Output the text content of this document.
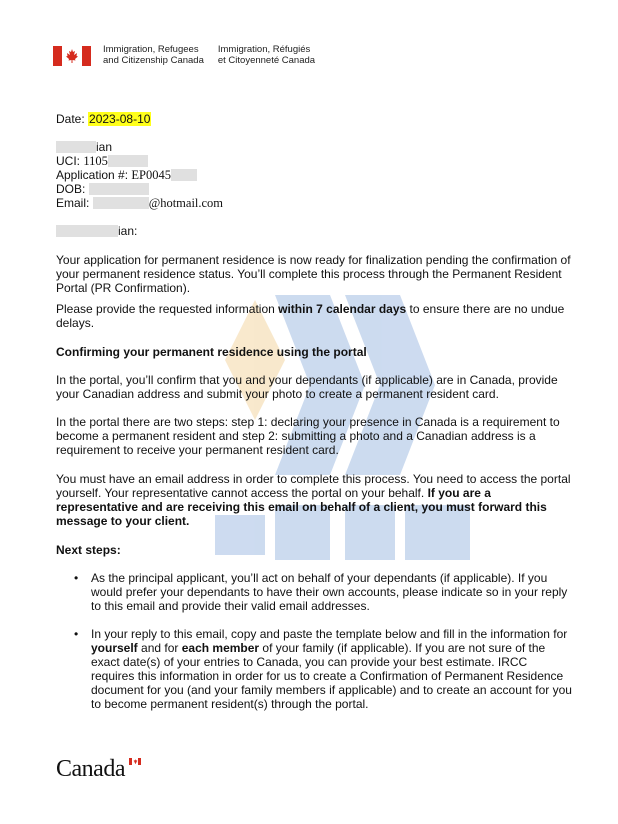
Immigration, Refugees
and Citizenship Canada
Immigration, Réfugiés
et Citoyenneté Canada
Date: 2023-08-10
ian
UCI: 1105
Application #: EP0045
DOB:
Email:	@hotmail.com
ian:

Your application for permanent residence is now ready for finalization pending the confirmation of your permanent residence status. You’ll complete this process through the Permanent Resident Portal (PR Confirmation).

Please provide the requested information within 7 calendar days to ensure there are no undue delays.

Confirming your permanent residence using the portal

In the portal, you’ll confirm that you and your dependants (if applicable) are in Canada, provide your Canadian address and submit your photo to create a permanent resident card.

In the portal there are two steps: step 1: declaring your presence in Canada is a requirement to become a permanent resident and step 2: submitting a photo and a Canadian address is a requirement to receive your permanent resident card.

You must have an email address in order to complete this process. You need to access the portal yourself. Your representative cannot access the portal on your behalf. If you are a representative and are receiving this email on behalf of a client, you must forward this message to your client.

Next steps:
• As the principal applicant, you’ll act on behalf of your dependants (if applicable). If you would prefer your dependants to have their own accounts, please indicate so in your reply to this email and provide their valid email addresses.
• In your reply to this email, copy and paste the template below and fill in the information for yourself and for each member of your family (if applicable). If you are not sure of the exact date(s) of your entries to Canada, you can provide your best estimate. IRCC requires this information in order for us to create a Confirmation of Permanent Residence document for you (and your family members if applicable) and to create an account for you to become permanent resident(s) through the portal.
Canada
